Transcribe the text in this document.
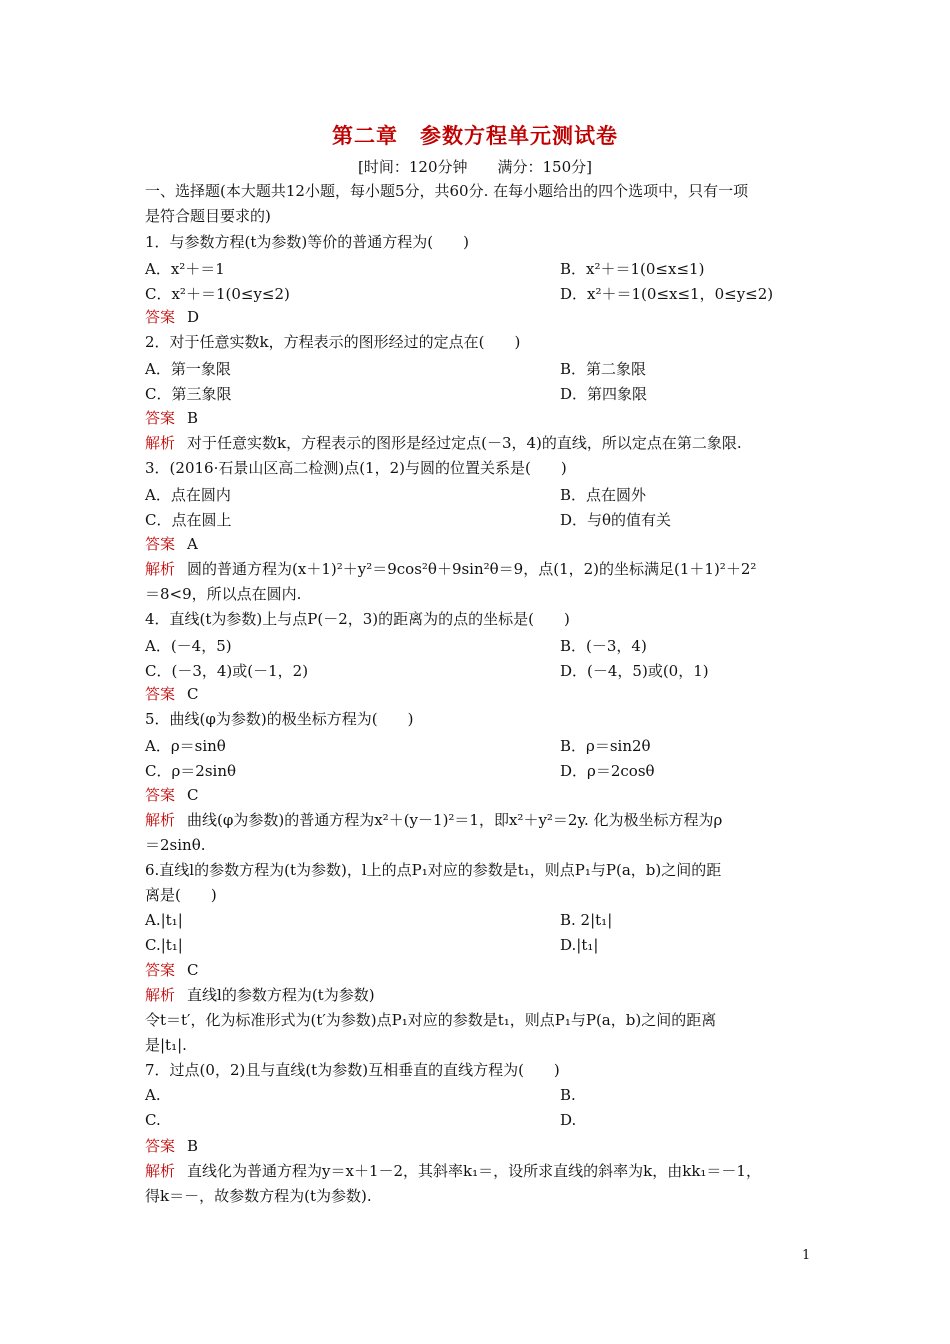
第二章　参数方程单元测试卷
[时间：120分钟　　满分：150分]
一、选择题(本大题共12小题，每小题5分，共60分. 在每小题给出的四个选项中，只有一项
是符合题目要求的)
1．与参数方程(t为参数)等价的普通方程为(　　)
A．x²＋＝1	B．x²＋＝1(0≤x≤1)
C．x²＋＝1(0≤y≤2)	D．x²＋＝1(0≤x≤1，0≤y≤2)
答案 D
2．对于任意实数k，方程表示的图形经过的定点在(　　)
A．第一象限	B．第二象限
C．第三象限	D．第四象限
答案 B
解析 对于任意实数k，方程表示的图形是经过定点(－3，4)的直线，所以定点在第二象限.
3．(2016·石景山区高二检测)点(1，2)与圆的位置关系是(　　)
A．点在圆内	B．点在圆外
C．点在圆上	D．与θ的值有关
答案 A
解析 圆的普通方程为(x＋1)²＋y²＝9cos²θ＋9sin²θ＝9，点(1，2)的坐标满足(1＋1)²＋2²
＝8<9，所以点在圆内.
4．直线(t为参数)上与点P(－2，3)的距离为的点的坐标是(　　)
A．(－4，5)	B．(－3，4)
C．(－3，4)或(－1，2)	D．(－4，5)或(0，1)
答案 C
5．曲线(φ为参数)的极坐标方程为(　　)
A．ρ＝sinθ	B．ρ＝sin2θ
C．ρ＝2sinθ	D．ρ＝2cosθ
答案 C
解析 曲线(φ为参数)的普通方程为x²＋(y－1)²＝1，即x²＋y²＝2y. 化为极坐标方程为ρ
＝2sinθ.
6.直线l的参数方程为(t为参数)，l上的点P₁对应的参数是t₁，则点P₁与P(a，b)之间的距
离是(　　)
A.|t₁|	B. 2|t₁|
C.|t₁|	D.|t₁|
答案 C
解析 直线l的参数方程为(t为参数)
令t＝t′，化为标准形式为(t′为参数)点P₁对应的参数是t₁，则点P₁与P(a，b)之间的距离
是|t₁|.
7．过点(0，2)且与直线(t为参数)互相垂直的直线方程为(　　)
A.	B.
C.	D.
答案 B
解析 直线化为普通方程为y＝x＋1－2，其斜率k₁＝，设所求直线的斜率为k，由kk₁＝－1，
得k＝－，故参数方程为(t为参数).
1
